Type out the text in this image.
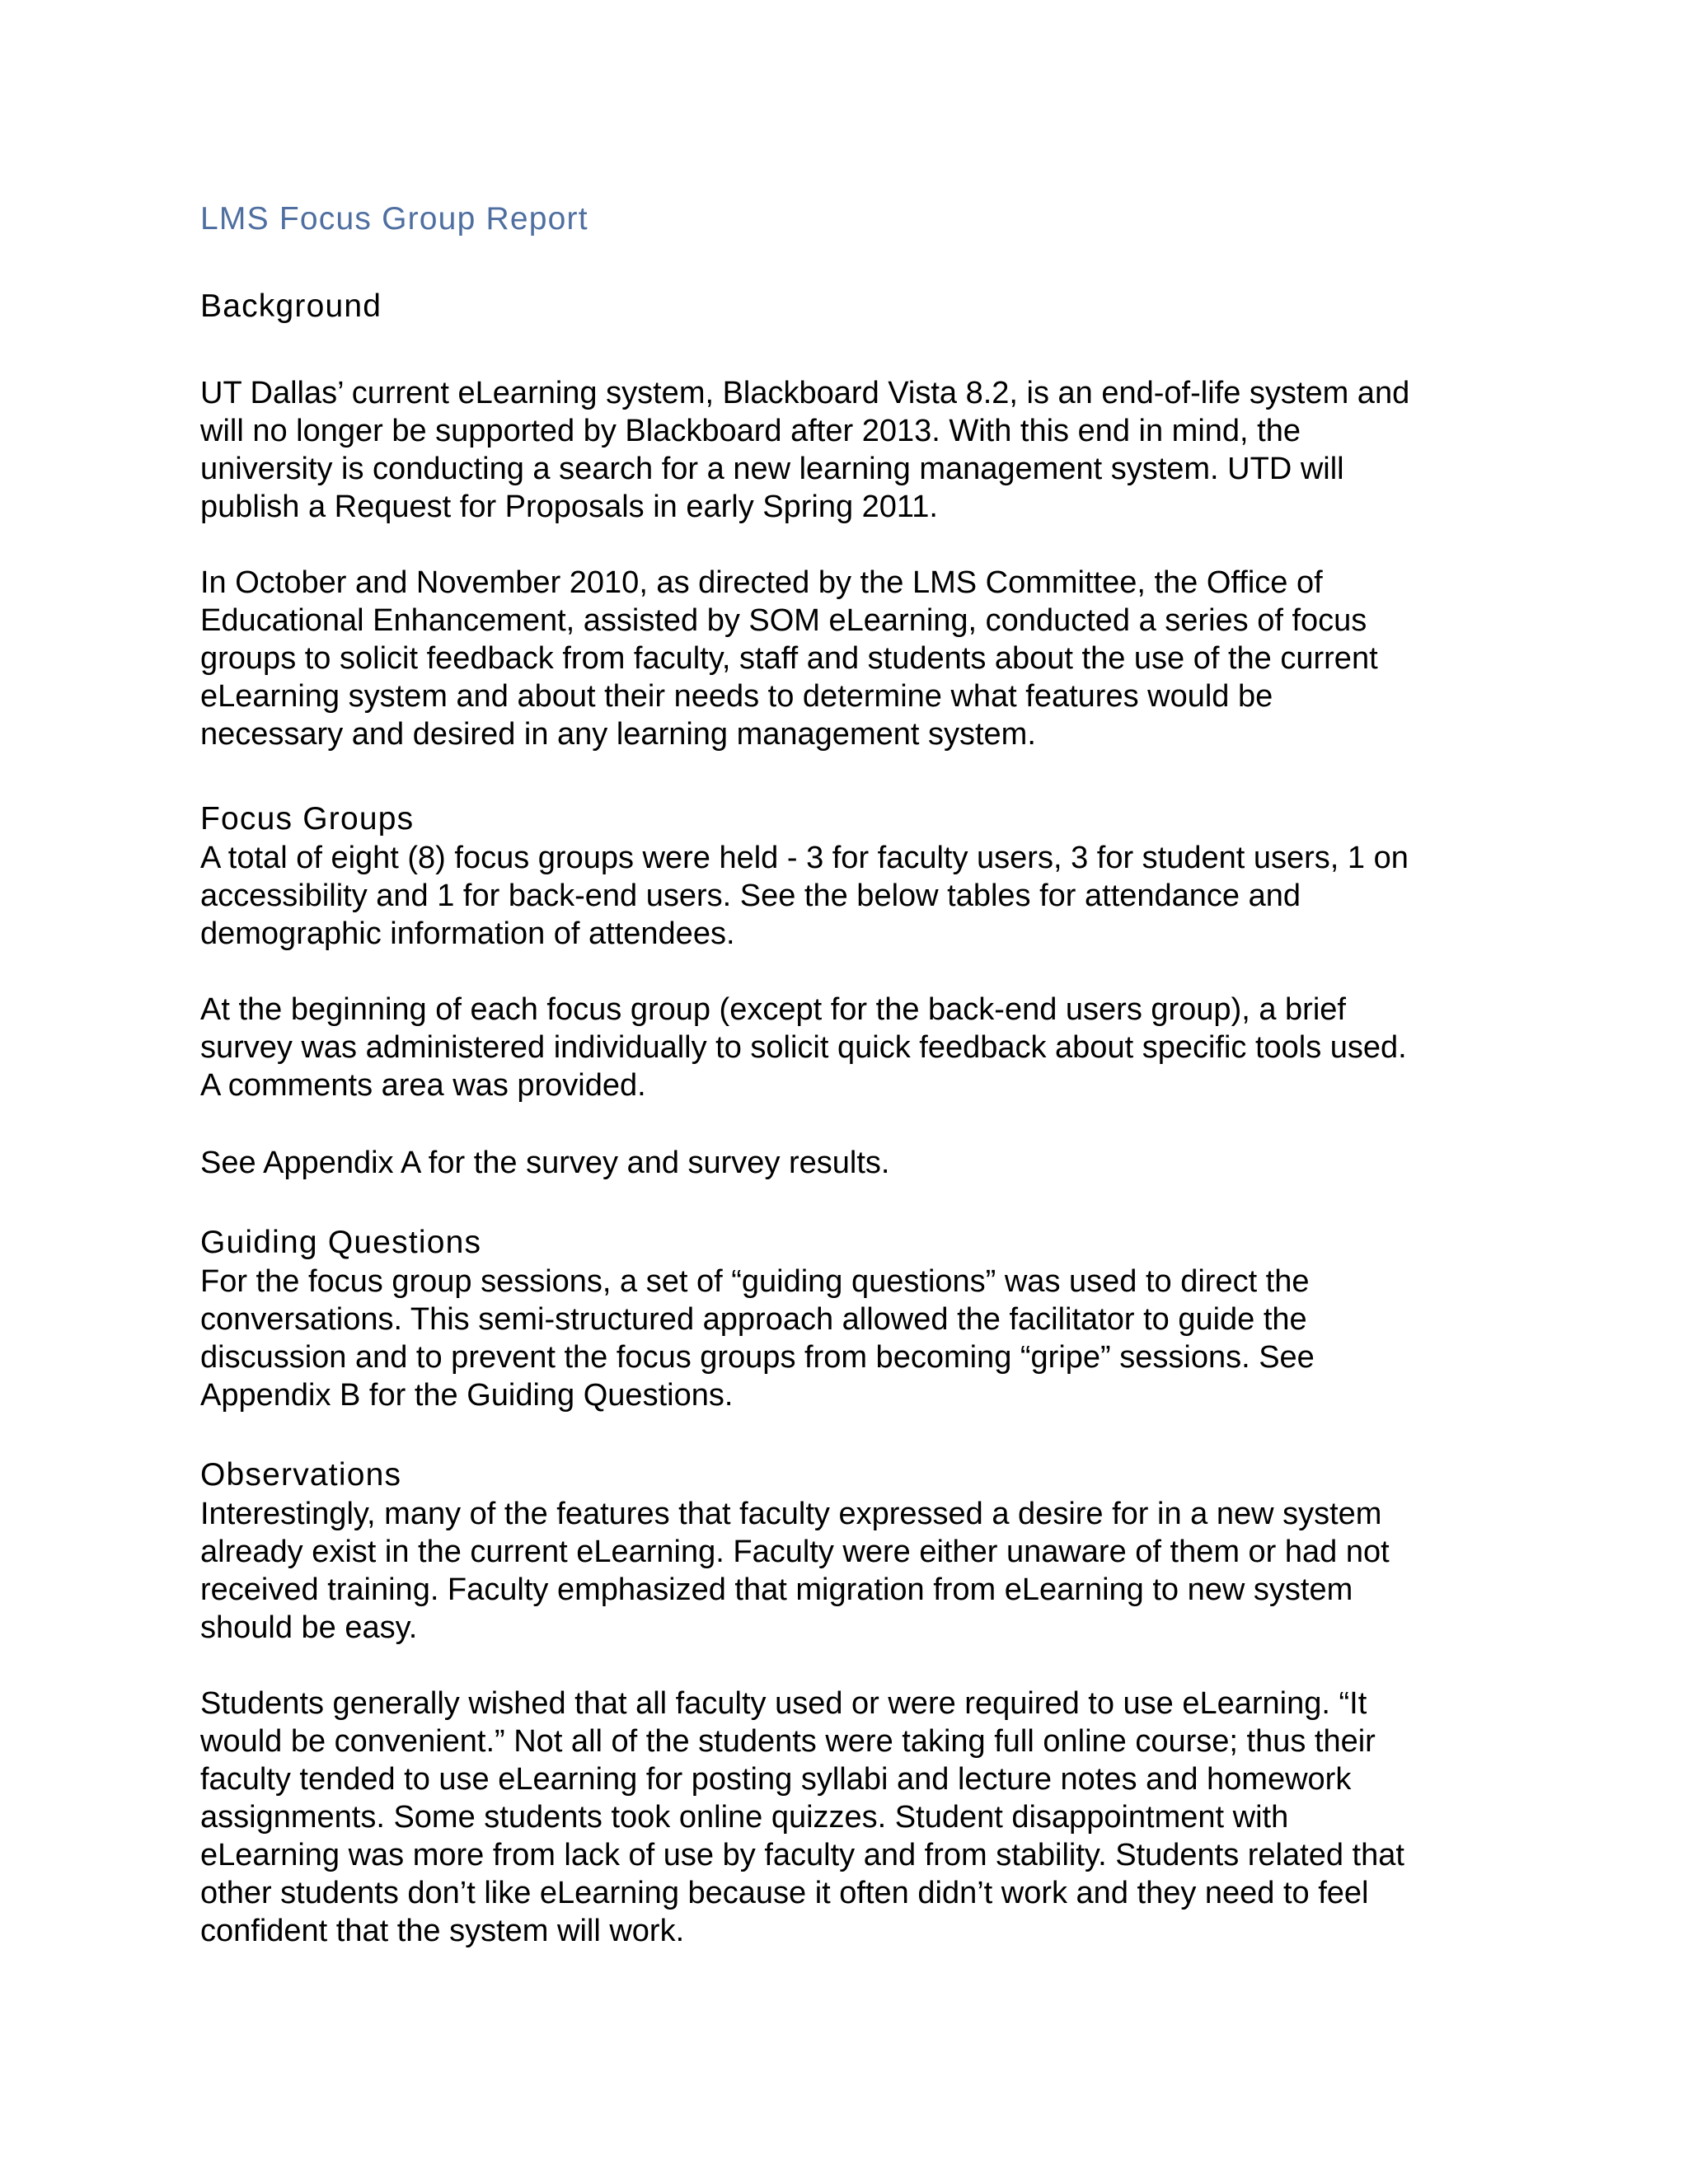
LMS Focus Group Report
Background

UT Dallas’ current eLearning system, Blackboard Vista 8.2, is an end-of-life system and
will no longer be supported by Blackboard after 2013. With this end in mind, the
university is conducting a search for a new learning management system. UTD will
publish a Request for Proposals in early Spring 2011.

In October and November 2010, as directed by the LMS Committee, the Office of
Educational Enhancement, assisted by SOM eLearning, conducted a series of focus
groups to solicit feedback from faculty, staff and students about the use of the current
eLearning system and about their needs to determine what features would be
necessary and desired in any learning management system.

Focus Groups

A total of eight (8) focus groups were held - 3 for faculty users, 3 for student users, 1 on
accessibility and 1 for back-end users. See the below tables for attendance and
demographic information of attendees.

At the beginning of each focus group (except for the back-end users group), a brief
survey was administered individually to solicit quick feedback about specific tools used.
A comments area was provided.

See Appendix A for the survey and survey results.

Guiding Questions

For the focus group sessions, a set of “guiding questions” was used to direct the
conversations. This semi-structured approach allowed the facilitator to guide the
discussion and to prevent the focus groups from becoming “gripe” sessions. See
Appendix B for the Guiding Questions.

Observations

Interestingly, many of the features that faculty expressed a desire for in a new system
already exist in the current eLearning. Faculty were either unaware of them or had not
received training. Faculty emphasized that migration from eLearning to new system
should be easy.

Students generally wished that all faculty used or were required to use eLearning. “It
would be convenient.” Not all of the students were taking full online course; thus their
faculty tended to use eLearning for posting syllabi and lecture notes and homework
assignments. Some students took online quizzes. Student disappointment with
eLearning was more from lack of use by faculty and from stability. Students related that
other students don’t like eLearning because it often didn’t work and they need to feel
confident that the system will work.
